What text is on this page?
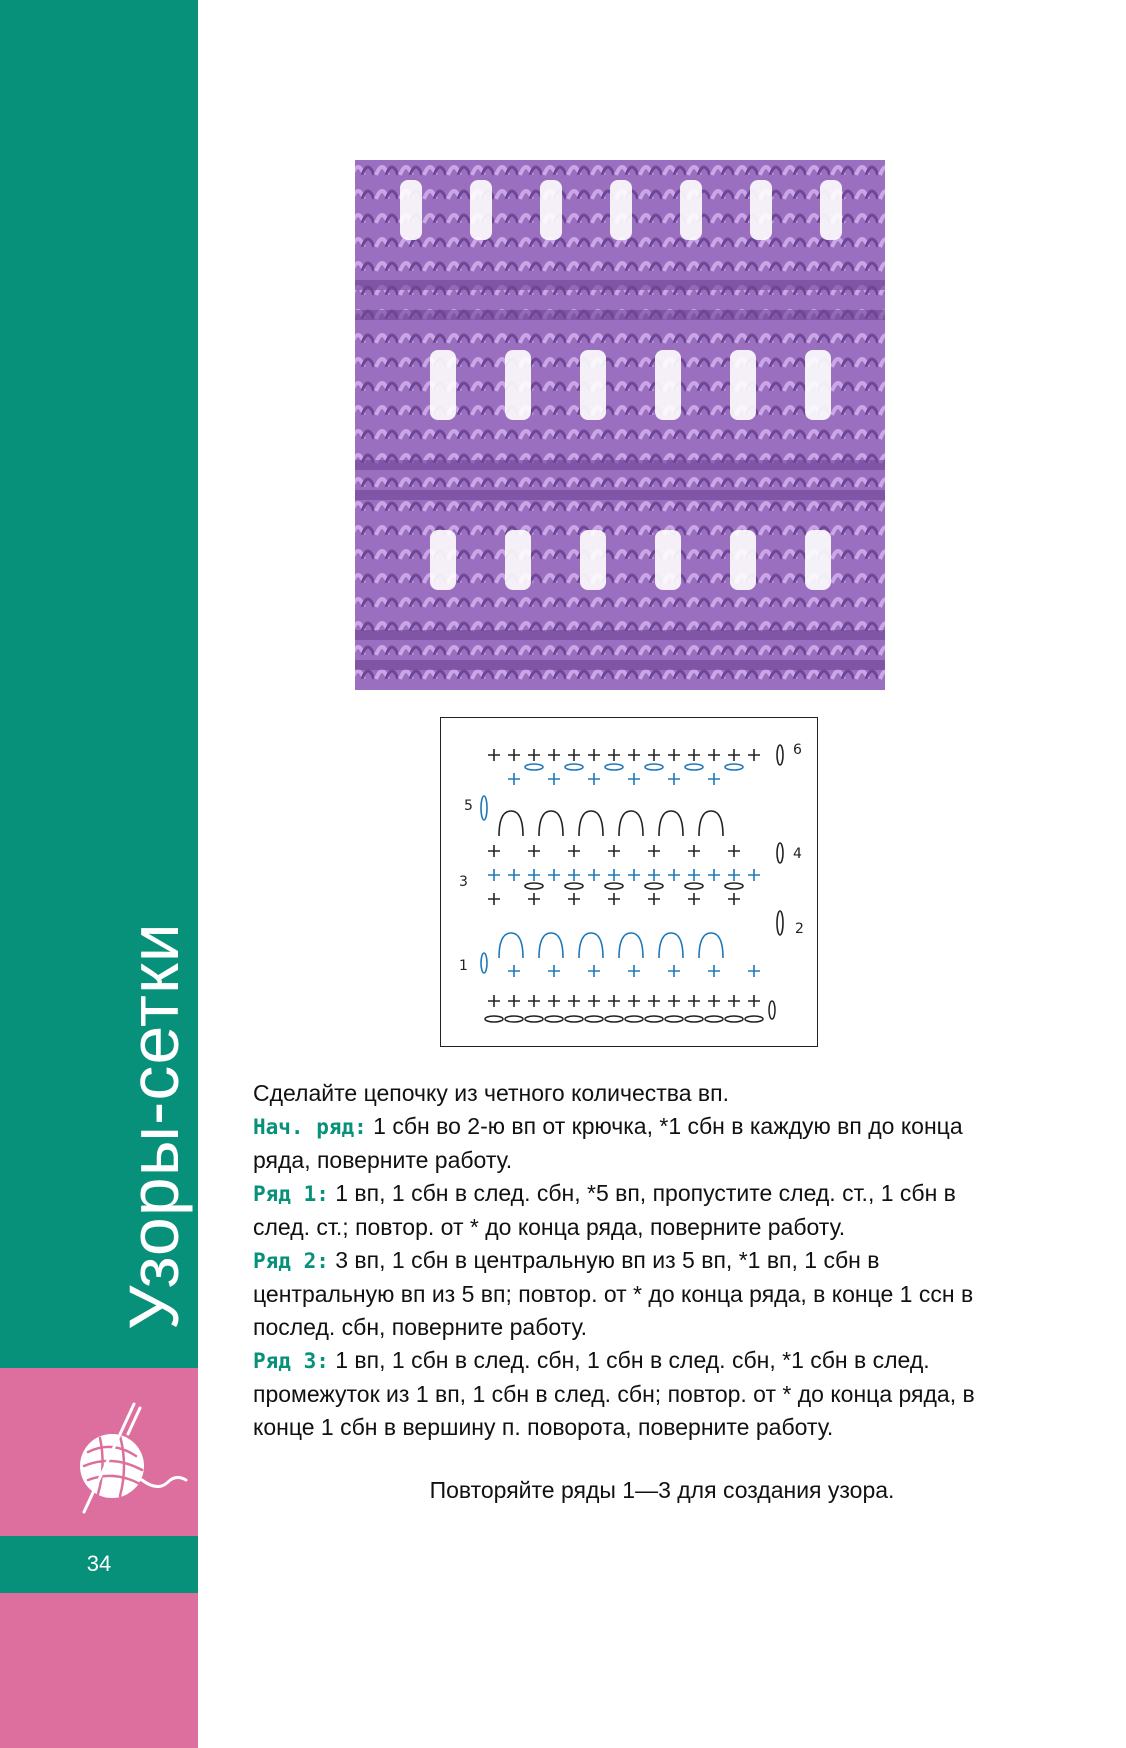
Узоры-сетки
34
6
5
4
3
2
1

Сделайте цепочку из четного количества вп.

Нач. ряд: 1 сбн во 2-ю вп от крючка, *1 сбн в каждую вп до конца ряда, поверните работу.

Ряд 1: 1 вп, 1 сбн в след. сбн, *5 вп, пропустите след. ст., 1 сбн в след. ст.; повтор. от * до конца ряда, поверните работу.

Ряд 2: 3 вп, 1 сбн в центральную вп из 5 вп, *1 вп, 1 сбн в центральную вп из 5 вп; повтор. от * до конца ряда, в конце 1 ссн в послед. сбн, поверните работу.

Ряд 3: 1 вп, 1 сбн в след. сбн, 1 сбн в след. сбн, *1 сбн в след. промежуток из 1 вп, 1 сбн в след. сбн; повтор. от * до конца ряда, в конце 1 сбн в вершину п. поворота, поверните работу.

Повторяйте ряды 1—3 для создания узора.
